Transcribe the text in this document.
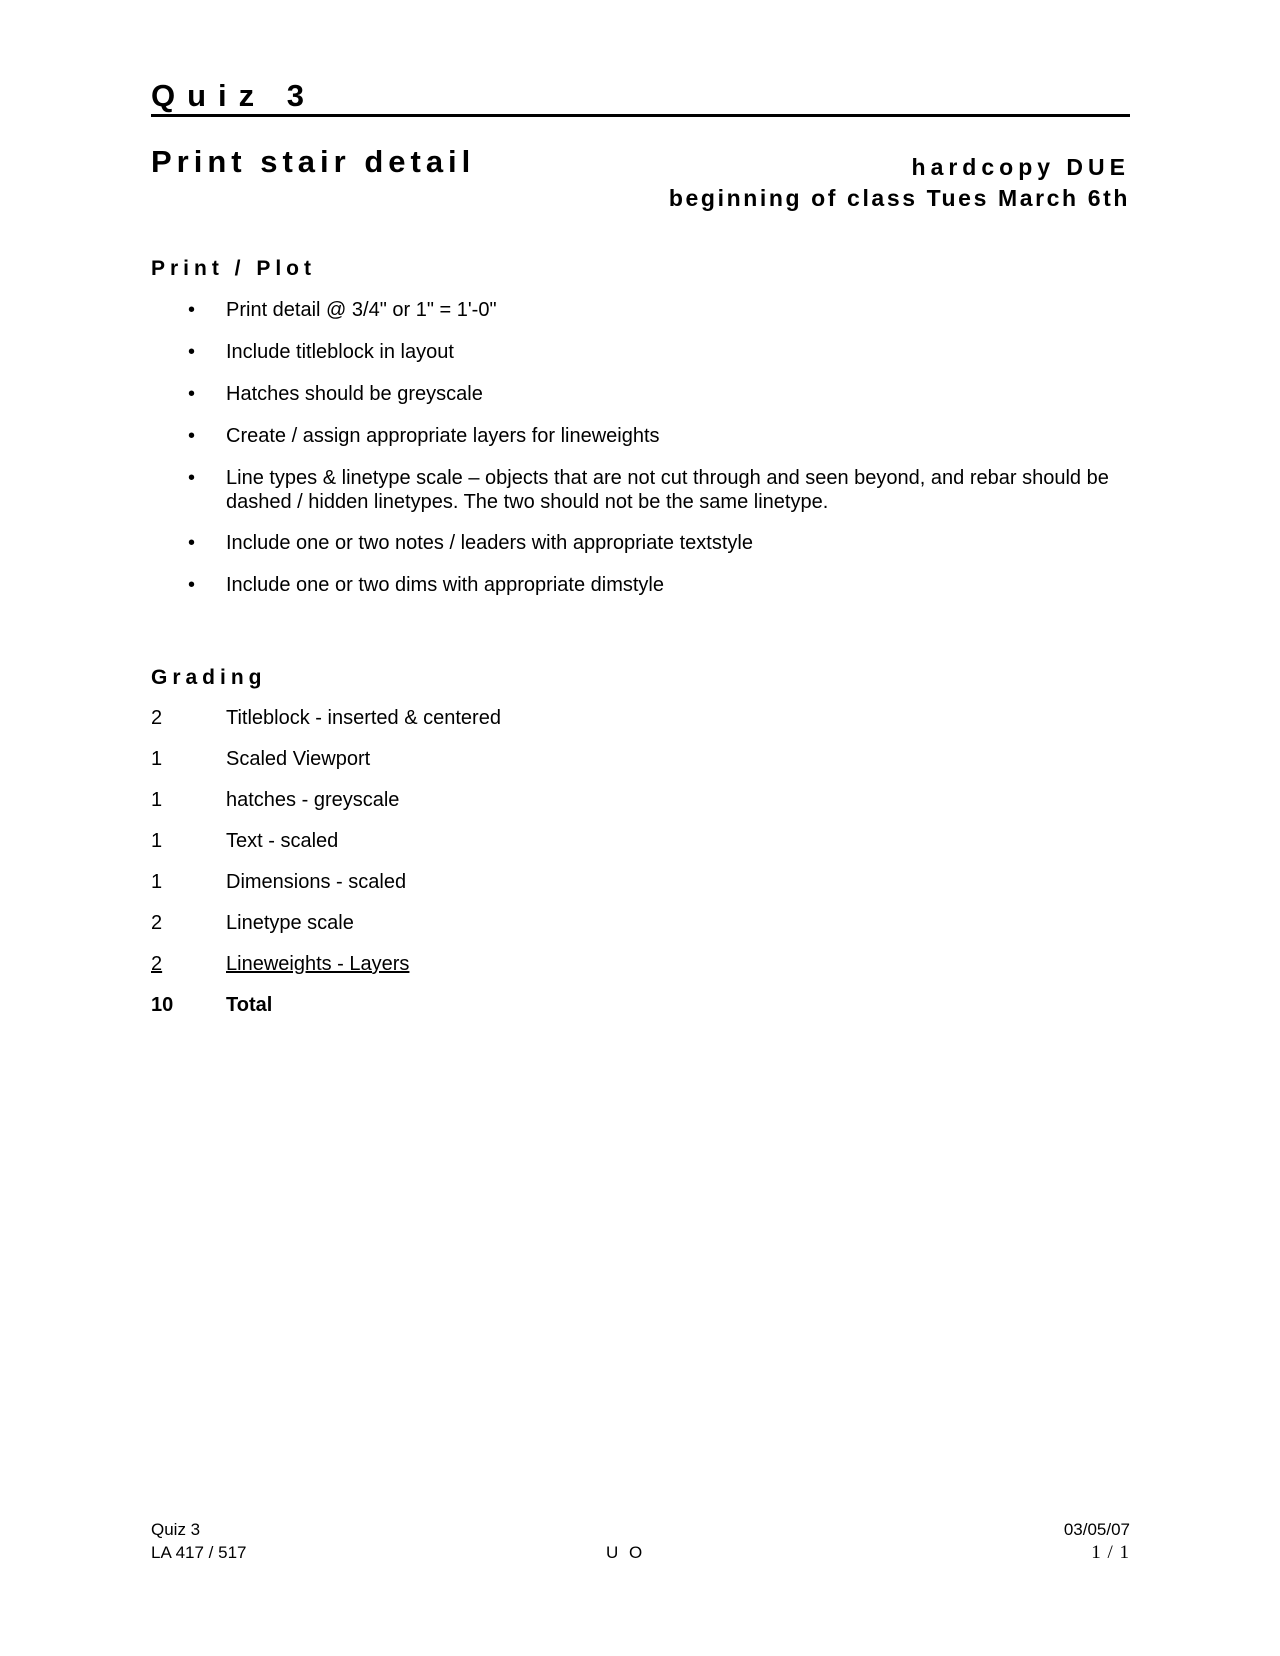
Quiz 3
Print stair detail	hardcopy DUE
beginning of class Tues March 6th
Print / Plot
• Print detail @ 3/4" or 1" = 1'-0"
• Include titleblock in layout
• Hatches should be greyscale
• Create / assign appropriate layers for lineweights
• Line types & linetype scale – objects that are not cut through and seen beyond, and rebar should be dashed / hidden linetypes. The two should not be the same linetype.
• Include one or two notes / leaders with appropriate textstyle
• Include one or two dims with appropriate dimstyle
Grading
2	Titleblock - inserted & centered
1	Scaled Viewport
1	hatches - greyscale
1	Text - scaled
1	Dimensions - scaled
2	Linetype scale
2	Lineweights - Layers
10	Total
Quiz 3
LA 417 / 517	U O
03/05/07
1 / 1
